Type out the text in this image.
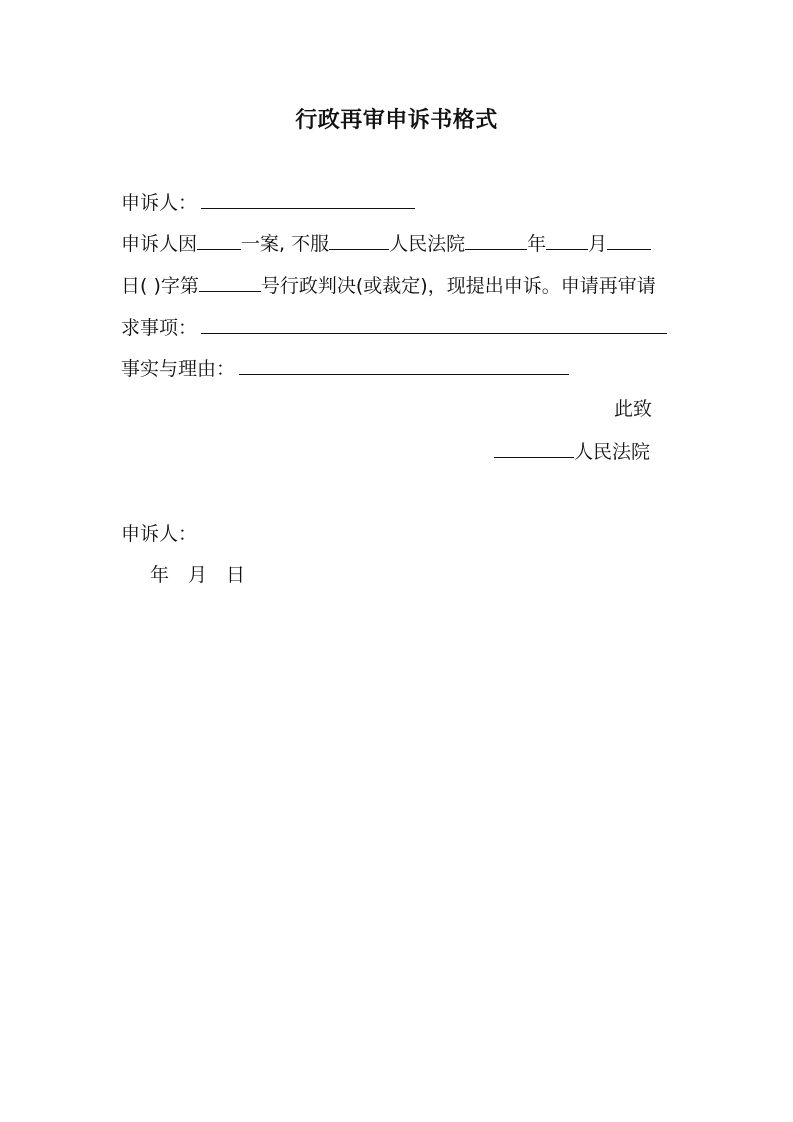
行政再审申诉书格式
申诉人：
申诉人因 一案, 不服	人民法院	年 月
日( )字第	号行政判决(或裁定)，现提出申诉。申请再审请
求事项：
事实与理由：
此致
人民法院
申诉人：
年　月　日
